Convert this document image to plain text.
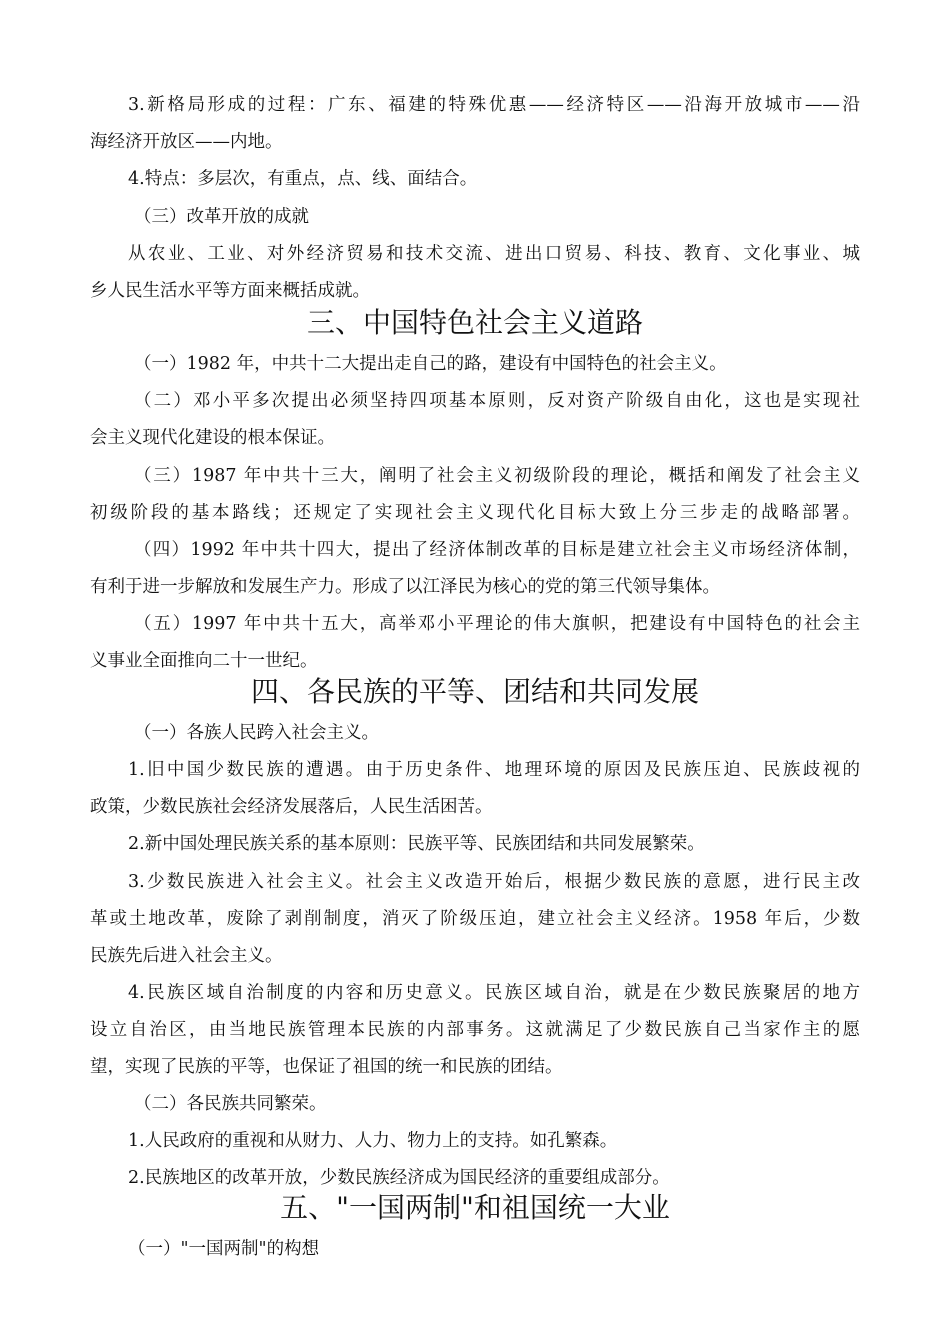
3.新格局形成的过程：广东、福建的特殊优惠——经济特区——沿海开放城市——沿
海经济开放区——内地。
4.特点：多层次，有重点，点、线、面结合。
（三）改革开放的成就
从农业、工业、对外经济贸易和技术交流、进出口贸易、科技、教育、文化事业、城
乡人民生活水平等方面来概括成就。
三、中国特色社会主义道路
（一）1982 年，中共十二大提出走自己的路，建设有中国特色的社会主义。
（二）邓小平多次提出必须坚持四项基本原则，反对资产阶级自由化，这也是实现社
会主义现代化建设的根本保证。
（三）1987 年中共十三大，阐明了社会主义初级阶段的理论，概括和阐发了社会主义
初级阶段的基本路线；还规定了实现社会主义现代化目标大致上分三步走的战略部署。
（四）1992 年中共十四大，提出了经济体制改革的目标是建立社会主义市场经济体制，
有利于进一步解放和发展生产力。形成了以江泽民为核心的党的第三代领导集体。
（五）1997 年中共十五大，高举邓小平理论的伟大旗帜，把建设有中国特色的社会主
义事业全面推向二十一世纪。
四、各民族的平等、团结和共同发展
（一）各族人民跨入社会主义。
1.旧中国少数民族的遭遇。由于历史条件、地理环境的原因及民族压迫、民族歧视的
政策，少数民族社会经济发展落后，人民生活困苦。
2.新中国处理民族关系的基本原则：民族平等、民族团结和共同发展繁荣。
3.少数民族进入社会主义。社会主义改造开始后，根据少数民族的意愿，进行民主改
革或土地改革，废除了剥削制度，消灭了阶级压迫，建立社会主义经济。1958 年后，少数
民族先后进入社会主义。
4.民族区域自治制度的内容和历史意义。民族区域自治，就是在少数民族聚居的地方
设立自治区，由当地民族管理本民族的内部事务。这就满足了少数民族自己当家作主的愿
望，实现了民族的平等，也保证了祖国的统一和民族的团结。
（二）各民族共同繁荣。
1.人民政府的重视和从财力、人力、物力上的支持。如孔繁森。
2.民族地区的改革开放，少数民族经济成为国民经济的重要组成部分。
五、"一国两制"和祖国统一大业
（一）"一国两制"的构想
